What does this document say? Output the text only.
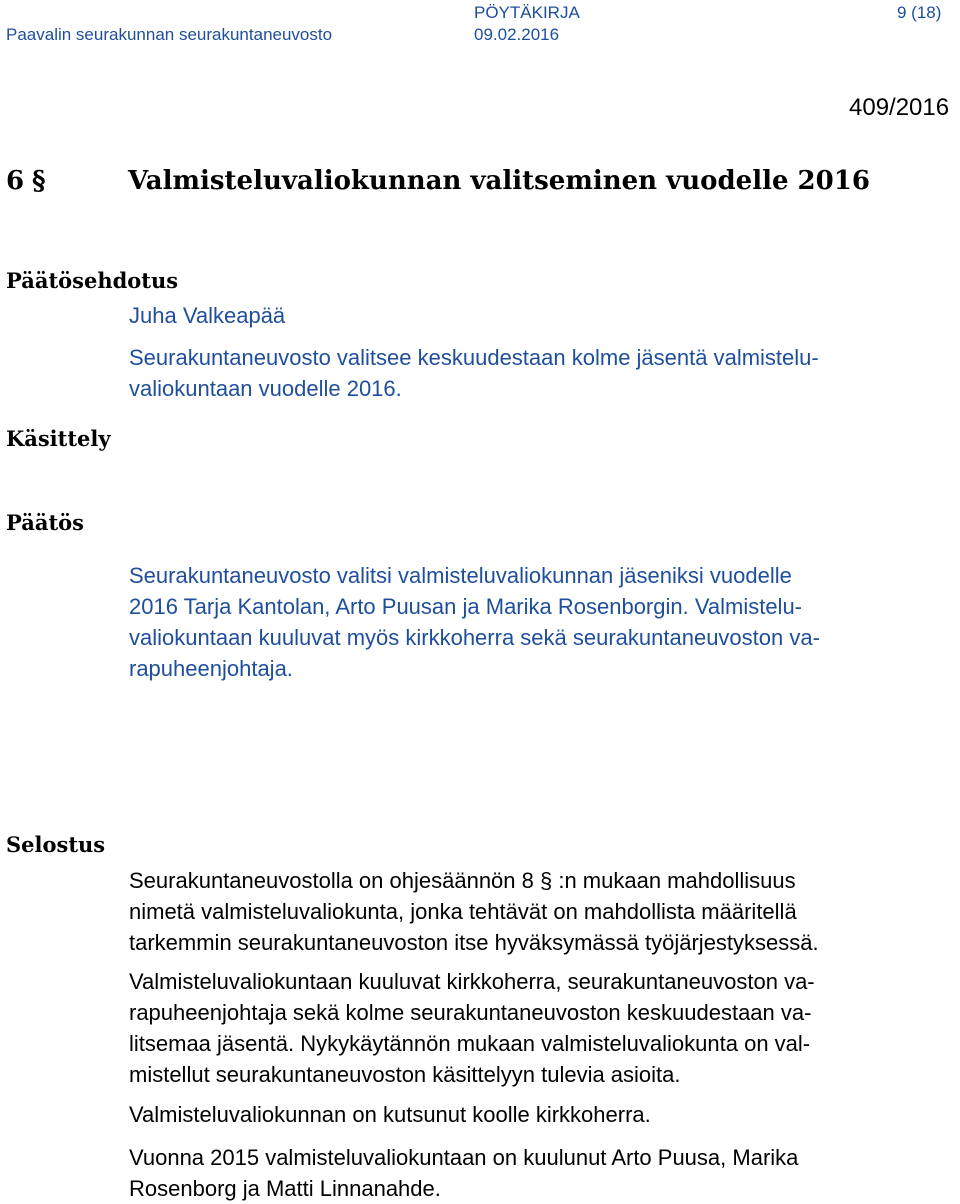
PÖYTÄKIRJA	9 (18)
Paavalin seurakunnan seurakuntaneuvosto	09.02.2016
409/2016
6 §	Valmisteluvaliokunnan valitseminen vuodelle 2016
Päätösehdotus
Juha Valkeapää
Seurakuntaneuvosto valitsee keskuudestaan kolme jäsentä valmistelu-
valiokuntaan vuodelle 2016.
Käsittely
Päätös
Seurakuntaneuvosto valitsi valmisteluvaliokunnan jäseniksi vuodelle
2016 Tarja Kantolan, Arto Puusan ja Marika Rosenborgin. Valmistelu-
valiokuntaan kuuluvat myös kirkkoherra sekä seurakuntaneuvoston va-
rapuheenjohtaja.
Selostus
Seurakuntaneuvostolla on ohjesäännön 8 § :n mukaan mahdollisuus
nimetä valmisteluvaliokunta, jonka tehtävät on mahdollista määritellä
tarkemmin seurakuntaneuvoston itse hyväksymässä työjärjestyksessä.
Valmisteluvaliokuntaan kuuluvat kirkkoherra, seurakuntaneuvoston va-
rapuheenjohtaja sekä kolme seurakuntaneuvoston keskuudestaan va-
litsemaa jäsentä. Nykykäytännön mukaan valmisteluvaliokunta on val-
mistellut seurakuntaneuvoston käsittelyyn tulevia asioita.
Valmisteluvaliokunnan on kutsunut koolle kirkkoherra.
Vuonna 2015 valmisteluvaliokuntaan on kuulunut Arto Puusa, Marika
Rosenborg ja Matti Linnanahde.
